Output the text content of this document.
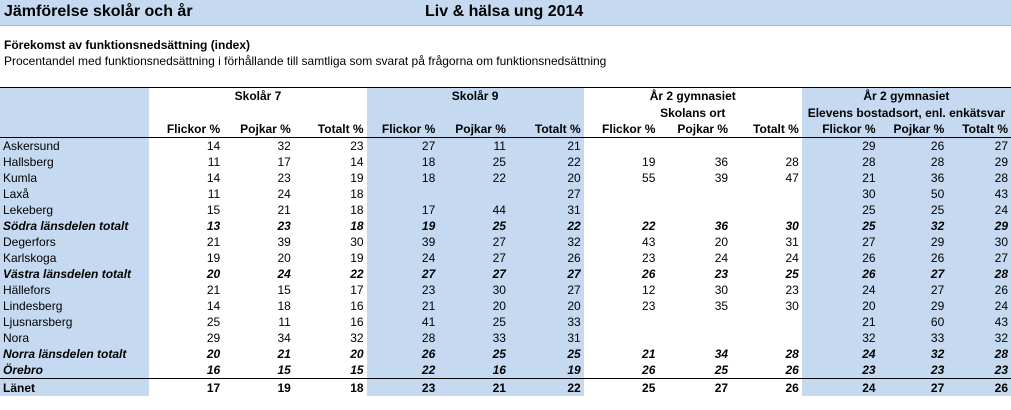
Jämförelse skolår och år	Liv & hälsa ung 2014
Förekomst av funktionsnedsättning (index)
Procentandel med funktionsnedsättning i förhållande till samtliga som svarat på frågorna om funktionsnedsättning
	Skolår 7			Skolår 9			År 2 gymnasiet			År 2 gymnasiet		
							Skolans ort			Elevens bostadsort, enl. enkätsvar		
	Flickor %	Pojkar %	Totalt %	Flickor %	Pojkar %	Totalt %	Flickor %	Pojkar %	Totalt %	Flickor %	Pojkar %	Totalt %
Askersund	14	32	23	27	11	21				29	26	27
Hallsberg	11	17	14	18	25	22	19	36	28	28	28	29
Kumla	14	23	19	18	22	20	55	39	47	21	36	28
Laxå	11	24	18			27				30	50	43
Lekeberg	15	21	18	17	44	31				25	25	24
Södra länsdelen totalt	13	23	18	19	25	22	22	36	30	25	32	29
Degerfors	21	39	30	39	27	32	43	20	31	27	29	30
Karlskoga	19	20	19	24	27	26	23	24	24	26	26	27
Västra länsdelen totalt	20	24	22	27	27	27	26	23	25	26	27	28
Hällefors	21	15	17	23	30	27	12	30	23	24	27	26
Lindesberg	14	18	16	21	20	20	23	35	30	20	29	24
Ljusnarsberg	25	11	16	41	25	33				21	60	43
Nora	29	34	32	28	33	31				32	33	32
Norra länsdelen totalt	20	21	20	26	25	25	21	34	28	24	32	28
Örebro	16	15	15	22	16	19	26	25	26	23	23	23
Länet	17	19	18	23	21	22	25	27	26	24	27	26
